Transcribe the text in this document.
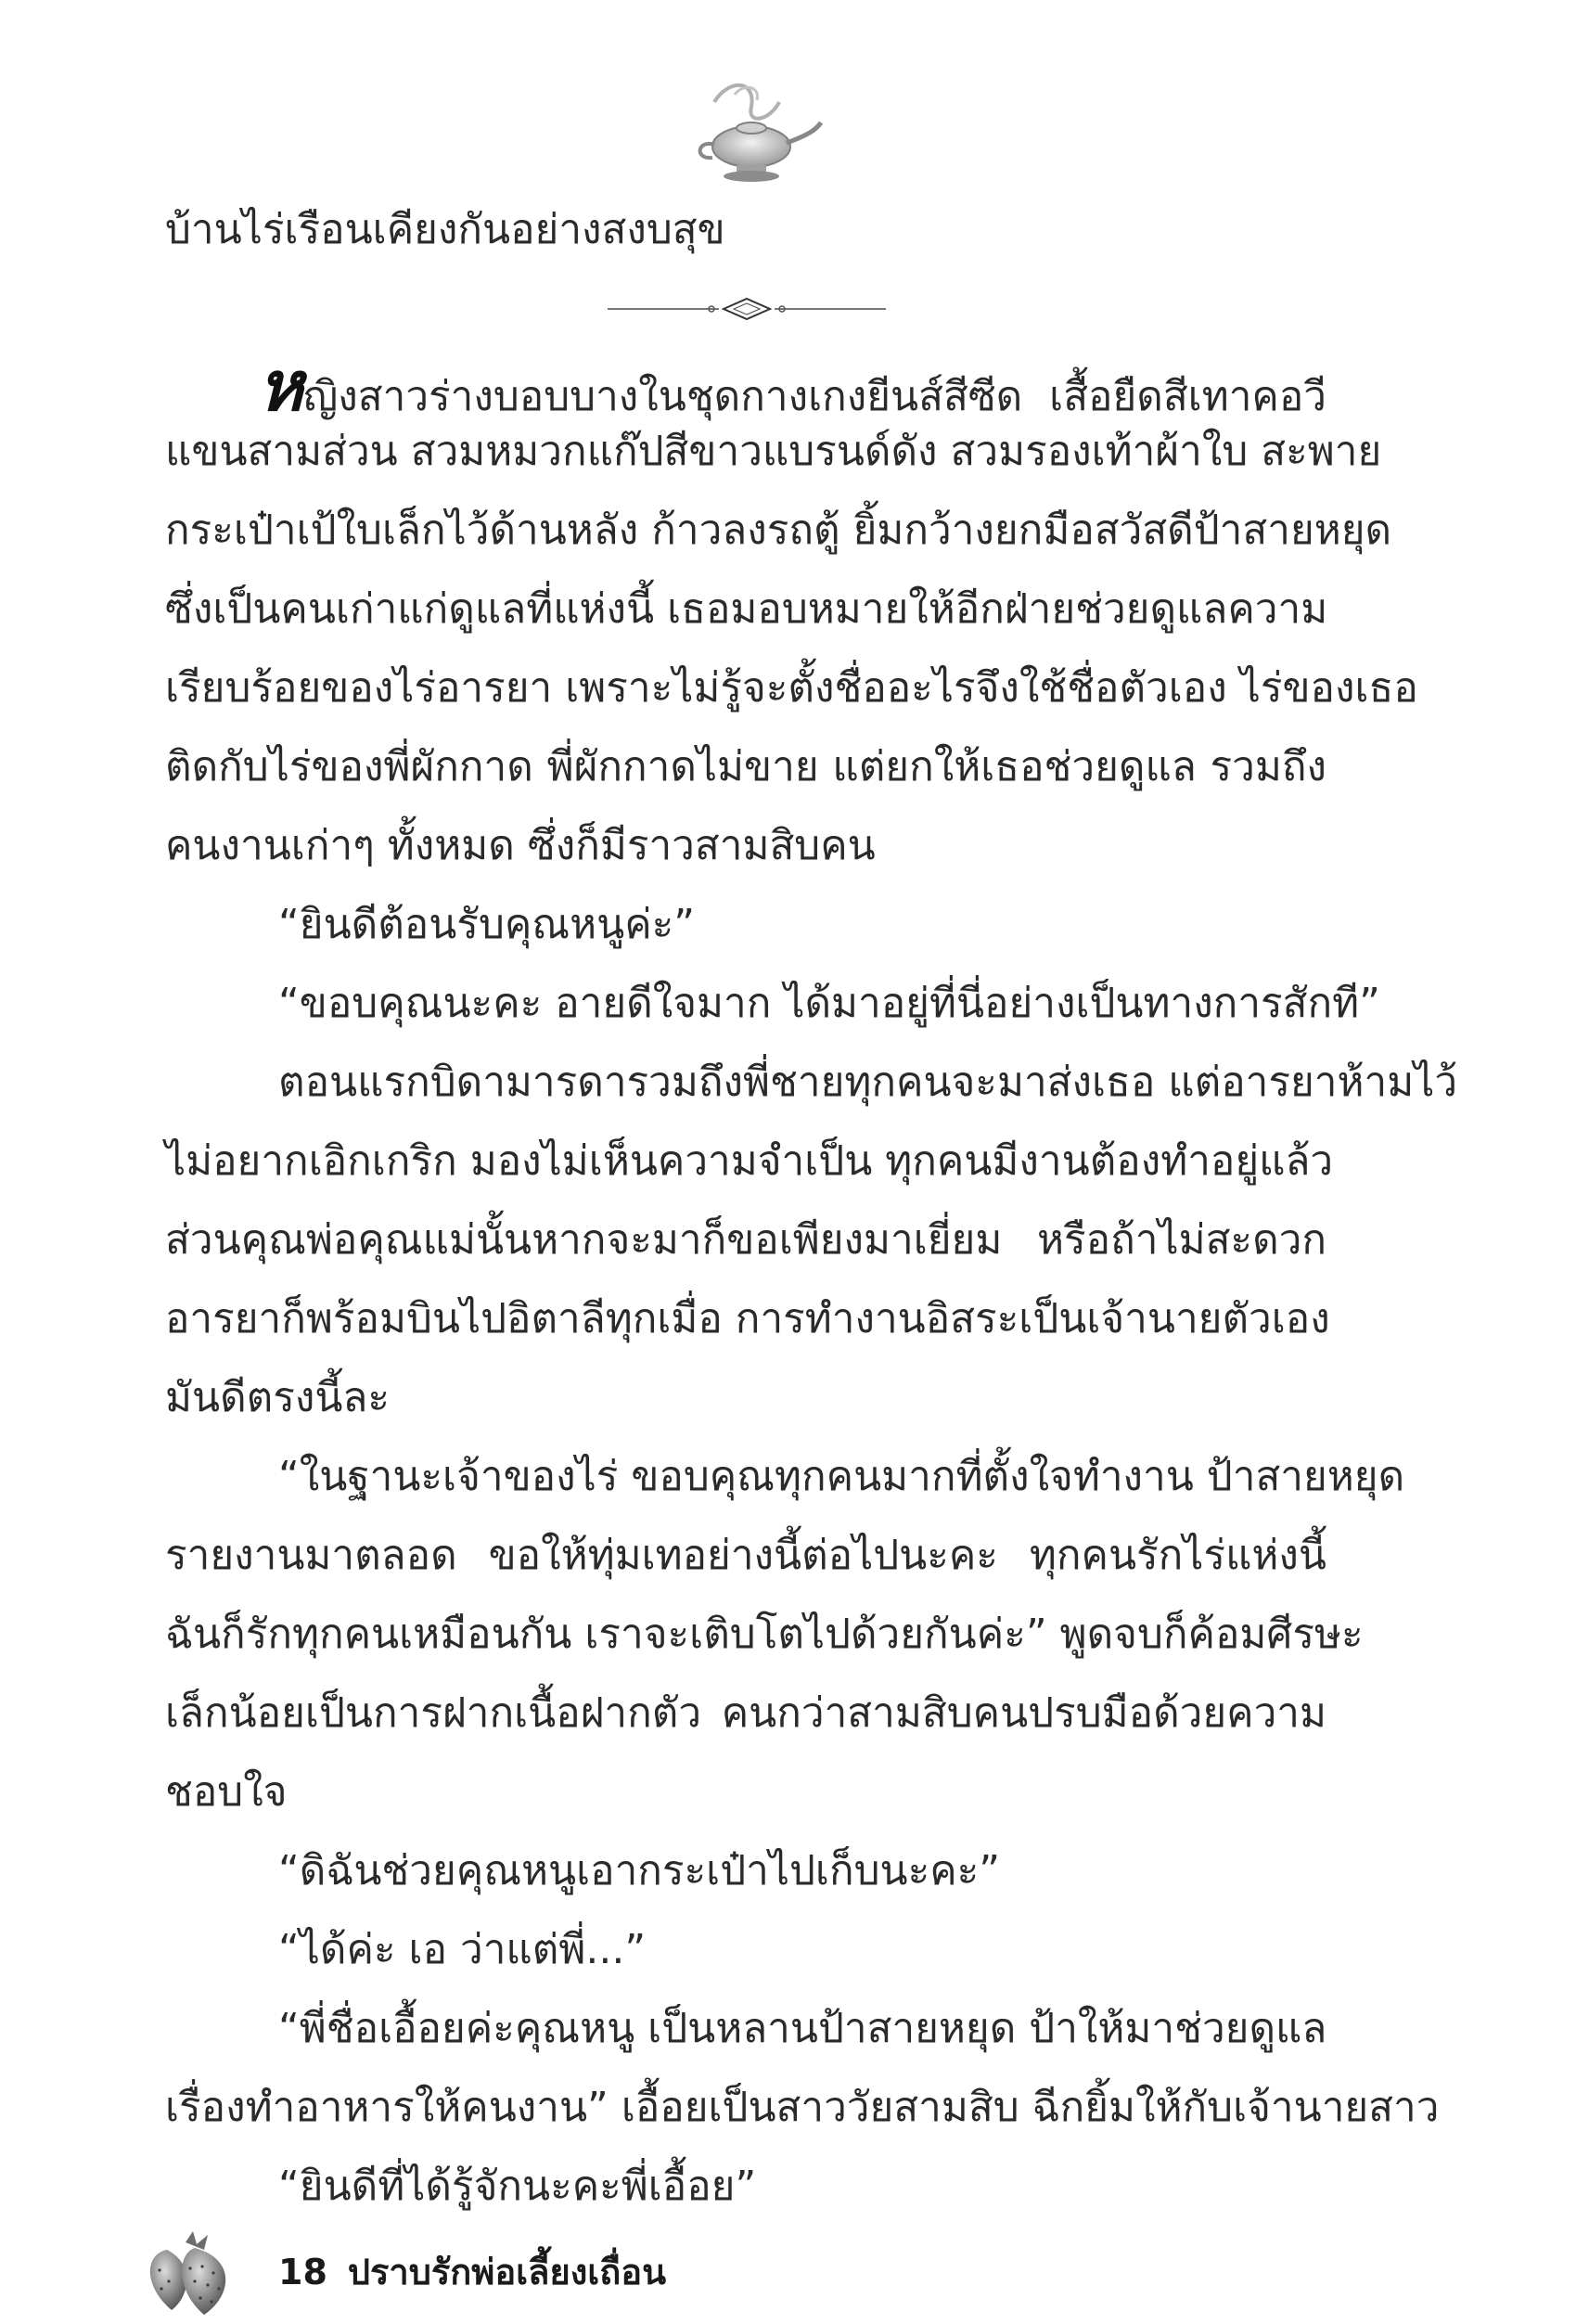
บ้านไร่เรือนเคียงกันอย่างสงบสุข
หญิงสาวร่างบอบบางในชุดกางเกงยีนส์สีซีด เสื้อยืดสีเทาคอวี
แขนสามส่วน สวมหมวกแก๊ปสีขาวแบรนด์ดัง สวมรองเท้าผ้าใบ สะพาย
กระเป๋าเป้ใบเล็กไว้ด้านหลัง ก้าวลงรถตู้ ยิ้มกว้างยกมือสวัสดีป้าสายหยุด
ซึ่งเป็นคนเก่าแก่ดูแลที่แห่งนี้ เธอมอบหมายให้อีกฝ่ายช่วยดูแลความ
เรียบร้อยของไร่อารยา เพราะไม่รู้จะตั้งชื่ออะไรจึงใช้ชื่อตัวเอง ไร่ของเธอ
ติดกับไร่ของพี่ผักกาด พี่ผักกาดไม่ขาย แต่ยกให้เธอช่วยดูแล รวมถึง
คนงานเก่าๆ ทั้งหมด ซึ่งก็มีราวสามสิบคน
“ยินดีต้อนรับคุณหนูค่ะ”
“ขอบคุณนะคะ อายดีใจมาก ได้มาอยู่ที่นี่อย่างเป็นทางการสักที”
ตอนแรกบิดามารดารวมถึงพี่ชายทุกคนจะมาส่งเธอ แต่อารยาห้ามไว้
ไม่อยากเอิกเกริก มองไม่เห็นความจำเป็น ทุกคนมีงานต้องทำอยู่แล้ว
ส่วนคุณพ่อคุณแม่นั้นหากจะมาก็ขอเพียงมาเยี่ยม หรือถ้าไม่สะดวก
อารยาก็พร้อมบินไปอิตาลีทุกเมื่อ การทำงานอิสระเป็นเจ้านายตัวเอง
มันดีตรงนี้ละ
“ในฐานะเจ้าของไร่ ขอบคุณทุกคนมากที่ตั้งใจทำงาน ป้าสายหยุด
รายงานมาตลอด ขอให้ทุ่มเทอย่างนี้ต่อไปนะคะ ทุกคนรักไร่แห่งนี้
ฉันก็รักทุกคนเหมือนกัน เราจะเติบโตไปด้วยกันค่ะ” พูดจบก็ค้อมศีรษะ
เล็กน้อยเป็นการฝากเนื้อฝากตัว คนกว่าสามสิบคนปรบมือด้วยความ
ชอบใจ
“ดิฉันช่วยคุณหนูเอากระเป๋าไปเก็บนะคะ”
“ได้ค่ะ เอ ว่าแต่พี่...”
“พี่ชื่อเอื้อยค่ะคุณหนู เป็นหลานป้าสายหยุด ป้าให้มาช่วยดูแล
เรื่องทำอาหารให้คนงาน” เอื้อยเป็นสาววัยสามสิบ ฉีกยิ้มให้กับเจ้านายสาว
“ยินดีที่ได้รู้จักนะคะพี่เอื้อย”
18 ปราบรักพ่อเลี้ยงเถื่อน
